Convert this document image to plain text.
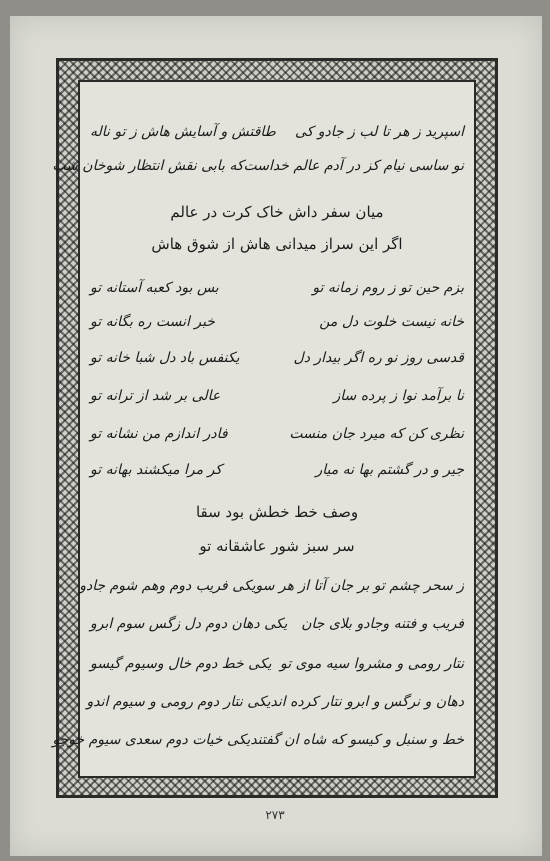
اسپرید ز هر تا لب ز جادو کی
طاقتش و آسایش هاش ز تو ناله
نو ساسی نیام کز در آدم عالم خداست
که بابی نقش انتظار شوخان شب
میان سفر داش خاک کرت در عالم
اگر این سراز میدانی هاش از شوق هاش
بزم حین تو ز روم زمانه تو
بس بود کعبه آستانه تو
خانه نیست خلوت دل من
خبر انست ره بگانه تو
قدسی روز نو ره اگر بیدار دل
یکنفس باد دل شبا خانه تو
نا برآمد نوا ز پرده ساز
عالی بر شد از ترانه تو
نظری کن که میرد جان منست
فادر اندازم من نشانه تو
جیر و در گشتم بها نه میار
کر مرا میکشند بهانه تو
وصف خط خطش بود سقا
سر سبز شور عاشقانه تو
ز سحر چشم تو بر جان آتا از هر سو
یکی فریب دوم وهم شوم جادو
فریب و فتنه وجادو بلای جان
یکی دهان دوم دل زگس سوم ابرو
نتار رومی و مشروا سیه موی تو
یکی خط دوم خال وسیوم گیسو
دهان و نرگس و ابرو نتار کرده اند
یکی نتار دوم رومی و سیوم اندو
خط و سنبل و کیسو که شاه ان گفتند
یکی خیات دوم سعدی سیوم خوجو
۲۷۳
